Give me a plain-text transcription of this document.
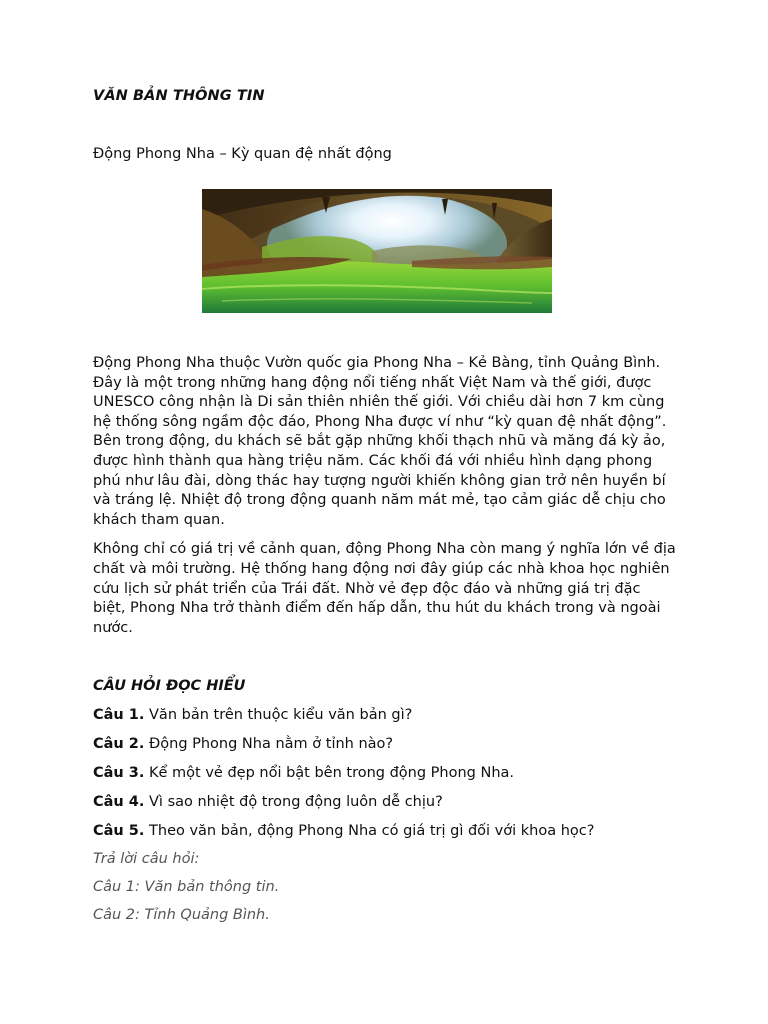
VĂN BẢN THÔNG TIN

Động Phong Nha – Kỳ quan đệ nhất động

Động Phong Nha thuộc Vườn quốc gia Phong Nha – Kẻ Bàng, tỉnh Quảng Bình. Đây là một trong những hang động nổi tiếng nhất Việt Nam và thế giới, được UNESCO công nhận là Di sản thiên nhiên thế giới. Với chiều dài hơn 7 km cùng hệ thống sông ngầm độc đáo, Phong Nha được ví như “kỳ quan đệ nhất động”. Bên trong động, du khách sẽ bắt gặp những khối thạch nhũ và măng đá kỳ ảo, được hình thành qua hàng triệu năm. Các khối đá với nhiều hình dạng phong phú như lâu đài, dòng thác hay tượng người khiến không gian trở nên huyền bí và tráng lệ. Nhiệt độ trong động quanh năm mát mẻ, tạo cảm giác dễ chịu cho khách tham quan.

Không chỉ có giá trị về cảnh quan, động Phong Nha còn mang ý nghĩa lớn về địa chất và môi trường. Hệ thống hang động nơi đây giúp các nhà khoa học nghiên cứu lịch sử phát triển của Trái đất. Nhờ vẻ đẹp độc đáo và những giá trị đặc biệt, Phong Nha trở thành điểm đến hấp dẫn, thu hút du khách trong và ngoài nước.

CÂU HỎI ĐỌC HIỂU
Câu 1. Văn bản trên thuộc kiểu văn bản gì?
Câu 2. Động Phong Nha nằm ở tỉnh nào?
Câu 3. Kể một vẻ đẹp nổi bật bên trong động Phong Nha.
Câu 4. Vì sao nhiệt độ trong động luôn dễ chịu?
Câu 5. Theo văn bản, động Phong Nha có giá trị gì đối với khoa học?
Trả lời câu hỏi:
Câu 1: Văn bản thông tin.
Câu 2: Tỉnh Quảng Bình.
